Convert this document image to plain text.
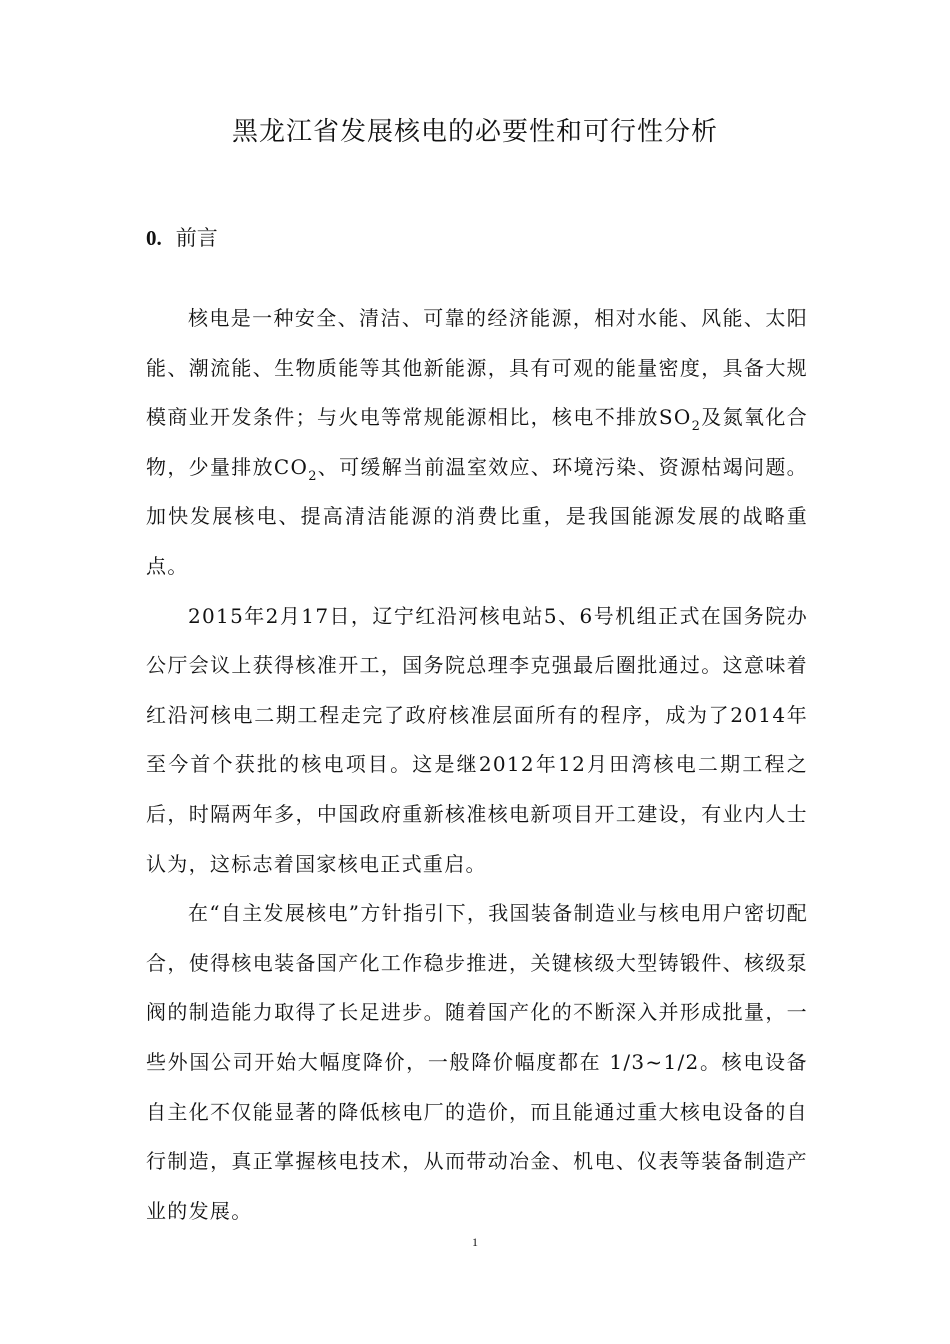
黑龙江省发展核电的必要性和可行性分析
0. 前言

核电是一种安全、清洁、可靠的经济能源，相对水能、风能、太阳能、潮流能、生物质能等其他新能源，具有可观的能量密度，具备大规模商业开发条件；与火电等常规能源相比，核电不排放$SO_2$及氮氧化合物，少量排放$CO_2$、可缓解当前温室效应、环境污染、资源枯竭问题。加快发展核电、提高清洁能源的消费比重，是我国能源发展的战略重点。

2015年2月17日，辽宁红沿河核电站5、6号机组正式在国务院办公厅会议上获得核准开工，国务院总理李克强最后圈批通过。这意味着红沿河核电二期工程走完了政府核准层面所有的程序，成为了2014年至今首个获批的核电项目。这是继2012年12月田湾核电二期工程之后，时隔两年多，中国政府重新核准核电新项目开工建设，有业内人士认为，这标志着国家核电正式重启。

在“自主发展核电”方针指引下，我国装备制造业与核电用户密切配合，使得核电装备国产化工作稳步推进，关键核级大型铸锻件、核级泵阀的制造能力取得了长足进步。随着国产化的不断深入并形成批量，一些外国公司开始大幅度降价，一般降价幅度都在 1/3~1/2。核电设备自主化不仅能显著的降低核电厂的造价，而且能通过重大核电设备的自行制造，真正掌握核电技术，从而带动冶金、机电、仪表等装备制造产业的发展。

1
